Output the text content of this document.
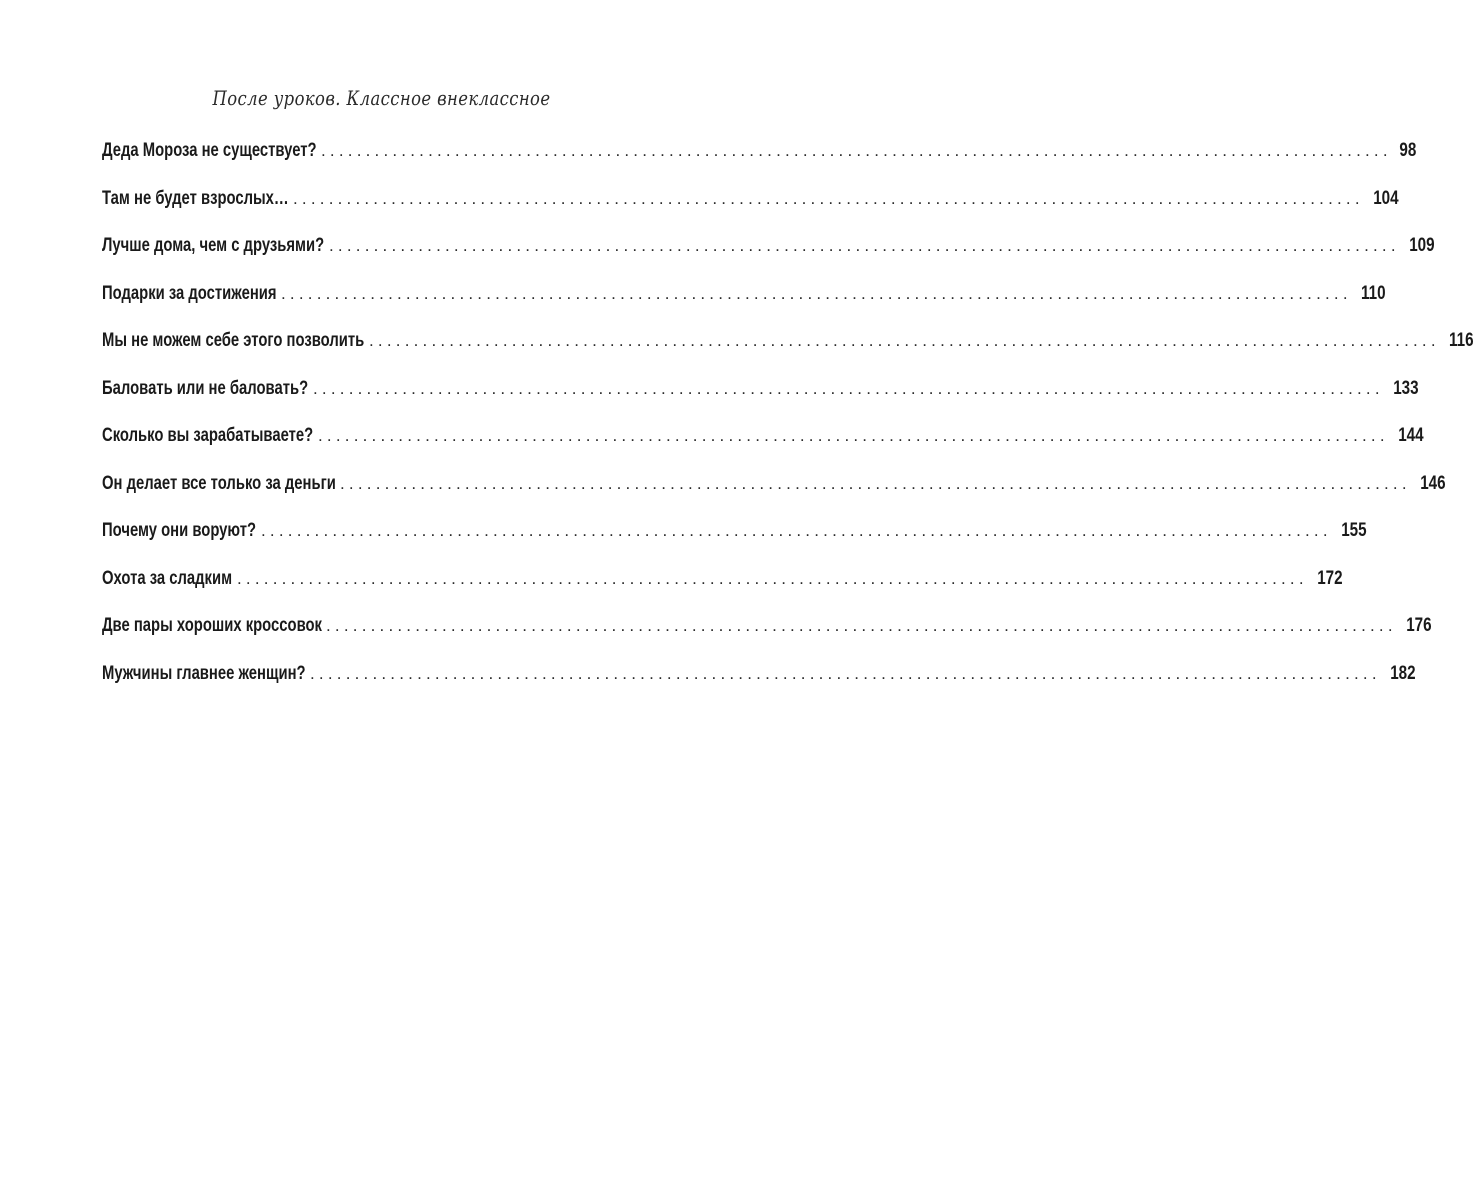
После уроков. Классное внеклассное
Деда Мороза не существует? ........................................................................................................................ 98
Там не будет взрослых… ........................................................................................................................ 104
Лучше дома, чем с друзьями? ........................................................................................................................ 109
Подарки за достижения ........................................................................................................................ 110
Мы не можем себе этого позволить ........................................................................................................................ 116
Баловать или не баловать? ........................................................................................................................ 133
Сколько вы зарабатываете? ........................................................................................................................ 144
Он делает все только за деньги ........................................................................................................................ 146
Почему они воруют? ........................................................................................................................ 155
Охота за сладким ........................................................................................................................ 172
Две пары хороших кроссовок ........................................................................................................................ 176
Мужчины главнее женщин? ........................................................................................................................ 182
